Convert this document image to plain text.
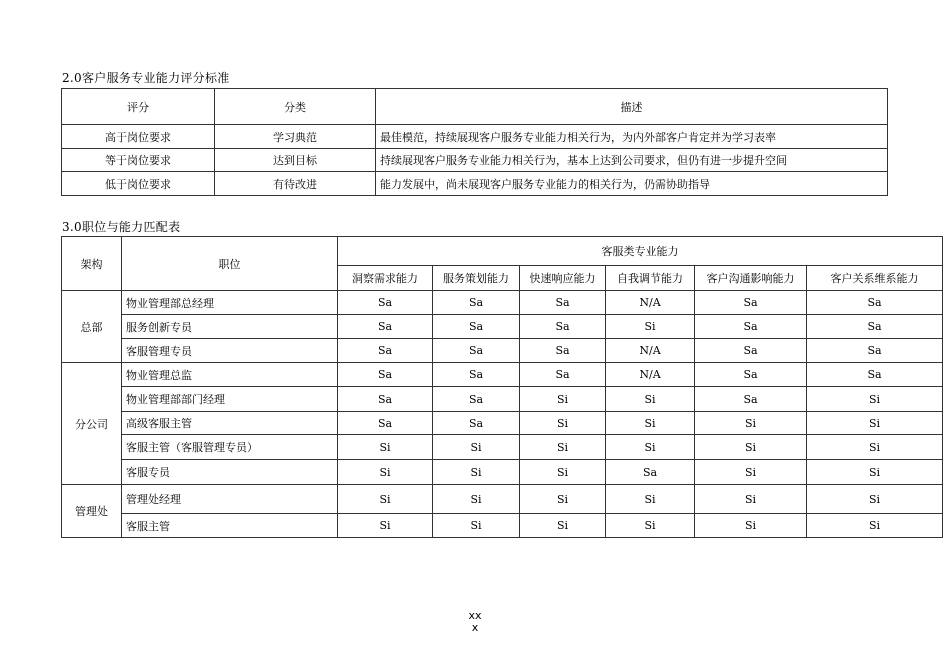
2.0客户服务专业能力评分标准
评分	分类	描述
高于岗位要求	学习典范	最佳模范，持续展现客户服务专业能力相关行为，为内外部客户肯定并为学习表率
等于岗位要求	达到目标	持续展现客户服务专业能力相关行为，基本上达到公司要求，但仍有进一步提升空间
低于岗位要求	有待改进	能力发展中，尚未展现客户服务专业能力的相关行为，仍需协助指导
3.0职位与能力匹配表
架构	职位	客服类专业能力					
		洞察需求能力	服务策划能力	快速响应能力	自我调节能力	客户沟通影响能力	客户关系维系能力
总部	物业管理部总经理	Sa	Sa	Sa	N/A	Sa	Sa
	服务创新专员	Sa	Sa	Sa	Si	Sa	Sa
	客服管理专员	Sa	Sa	Sa	N/A	Sa	Sa
分公司	物业管理总监	Sa	Sa	Sa	N/A	Sa	Sa
	物业管理部部门经理	Sa	Sa	Si	Si	Sa	Si
	高级客服主管	Sa	Sa	Si	Si	Si	Si
	客服主管（客服管理专员）	Si	Si	Si	Si	Si	Si
	客服专员	Si	Si	Si	Sa	Si	Si
管理处	管理处经理	Si	Si	Si	Si	Si	Si
	客服主管	Si	Si	Si	Si	Si	Si
xx
x
